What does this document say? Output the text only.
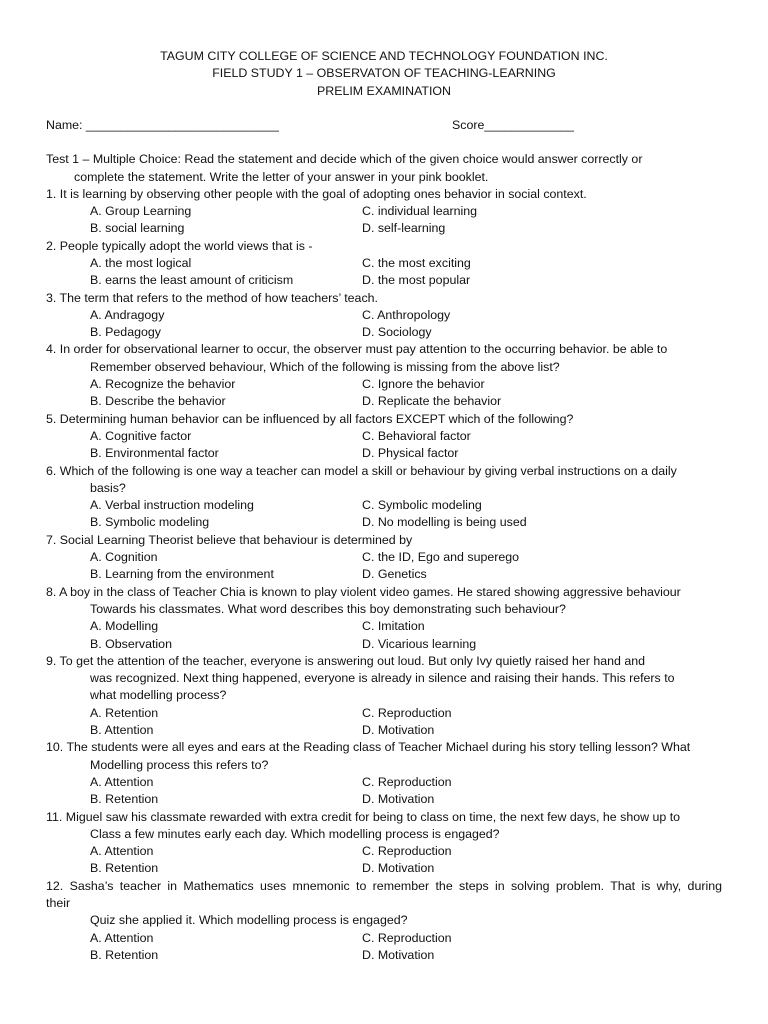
TAGUM CITY COLLEGE OF SCIENCE AND TECHNOLOGY FOUNDATION INC.
FIELD STUDY 1 – OBSERVATON OF TEACHING-LEARNING
PRELIM EXAMINATION
Name: ____________________________	Score_____________
Test 1 – Multiple Choice: Read the statement and decide which of the given choice would answer correctly or
complete the statement. Write the letter of your answer in your pink booklet.
1. It is learning by observing other people with the goal of adopting ones behavior in social context.
A. Group Learning	C. individual learning
B. social learning	D. self-learning
2. People typically adopt the world views that is -
A. the most logical	C. the most exciting
B. earns the least amount of criticism	D. the most popular
3. The term that refers to the method of how teachers’ teach.
A. Andragogy	C. Anthropology
B. Pedagogy	D. Sociology
4. In order for observational learner to occur, the observer must pay attention to the occurring behavior. be able to
Remember observed behaviour, Which of the following is missing from the above list?
A. Recognize the behavior	C. Ignore the behavior
B. Describe the behavior	D. Replicate the behavior
5. Determining human behavior can be influenced by all factors EXCEPT which of the following?
A. Cognitive factor	C. Behavioral factor
B. Environmental factor	D. Physical factor
6. Which of the following is one way a teacher can model a skill or behaviour by giving verbal instructions on a daily
basis?
A. Verbal instruction modeling	C. Symbolic modeling
B. Symbolic modeling	D. No modelling is being used
7. Social Learning Theorist believe that behaviour is determined by
A. Cognition	C. the ID, Ego and superego
B. Learning from the environment	D. Genetics
8. A boy in the class of Teacher Chia is known to play violent video games. He stared showing aggressive behaviour
Towards his classmates. What word describes this boy demonstrating such behaviour?
A. Modelling	C. Imitation
B. Observation	D. Vicarious learning
9. To get the attention of the teacher, everyone is answering out loud. But only Ivy quietly raised her hand and
was recognized. Next thing happened, everyone is already in silence and raising their hands. This refers to
what modelling process?
A. Retention	C. Reproduction
B. Attention	D. Motivation
10. The students were all eyes and ears at the Reading class of Teacher Michael during his story telling lesson? What
Modelling process this refers to?
A. Attention	C. Reproduction
B. Retention	D. Motivation
11. Miguel saw his classmate rewarded with extra credit for being to class on time, the next few days, he show up to
Class a few minutes early each day. Which modelling process is engaged?
A. Attention	C. Reproduction
B. Retention	D. Motivation
12. Sasha’s teacher in Mathematics uses mnemonic to remember the steps in solving problem. That is why, during
their
Quiz she applied it. Which modelling process is engaged?
A. Attention	C. Reproduction
B. Retention	D. Motivation
